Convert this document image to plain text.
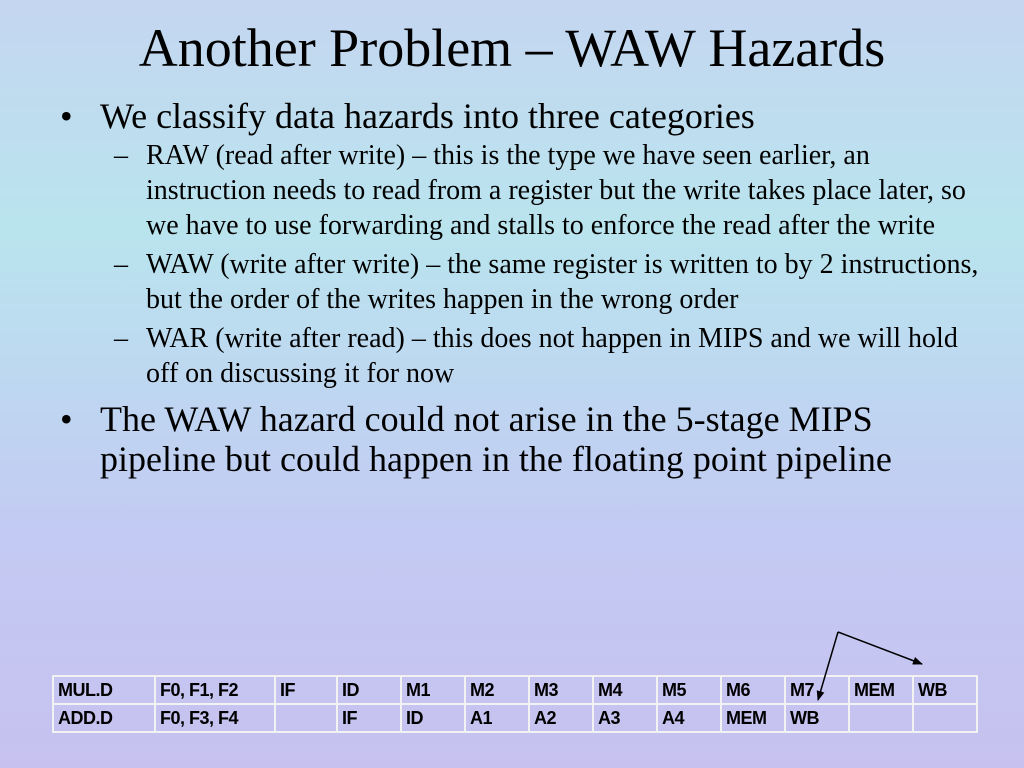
Another Problem – WAW Hazards
• We classify data hazards into three categories
– RAW (read after write) – this is the type we have seen earlier, an instruction needs to read from a register but the write takes place later, so we have to use forwarding and stalls to enforce the read after the write
– WAW (write after write) – the same register is written to by 2 instructions, but the order of the writes happen in the wrong order
– WAR (write after read) – this does not happen in MIPS and we will hold off on discussing it for now
• The WAW hazard could not arise in the 5-stage MIPS pipeline but could happen in the floating point pipeline
MUL.D	F0, F1, F2	IF	ID	M1	M2	M3	M4	M5	M6	M7	MEM	WB
ADD.D	F0, F3, F4		IF	ID	A1	A2	A3	A4	MEM	WB		
